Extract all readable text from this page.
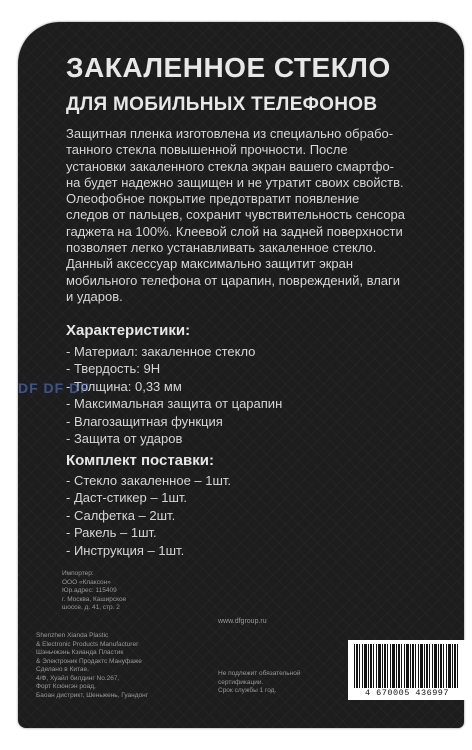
ЗАКАЛЕННОЕ СТЕКЛО
ДЛЯ МОБИЛЬНЫХ ТЕЛЕФОНОВ

Защитная пленка изготовлена из специально обрабо-

танного стекла повышенной прочности. После

установки закаленного стекла экран вашего смартфо-

на будет надежно защищен и не утратит своих свойств.

Олеофобное покрытие предотвратит появление

следов от пальцев, сохранит чувствительность сенсора

гаджета на 100%. Клеевой слой на задней поверхности

позволяет легко устанавливать закаленное стекло.

Данный аксессуар максимально защитит экран

мобильного телефона от царапин, повреждений, влаги

и ударов.

Характеристики:
- Материал: закаленное стекло
- Твердость: 9H
- Толщина: 0,33 мм
- Максимальная защита от царапин
- Влагозащитная функция
- Защита от ударов
DF DF DF
Комплект поставки:
- Стекло закаленное – 1шт.
- Даст-стикер – 1шт.
- Салфетка – 2шт.
- Ракель – 1шт.
- Инструкция – 1шт.

Импортер:

ООО «Клаксон»

Юр.адрес: 115409

г. Москва, Каширское

шоссе, д. 41, стр. 2

Shenzhen Xianda Plastic

& Electronic Products Manufacturer

Шэньчжэнь Кзианда Пластик

& Электроник Продактс Мануфаже

Сделано в Китае.

4/Ф, Хуайл билдинг No.267,

Форт Ксюнгэн роад,

Баоан дистрикт, Шеньжень, Гуандонг

www.dfgroup.ru

Не подлежит обязательной

сертификации.

Срок службы 1 год.	4 670005 436997
